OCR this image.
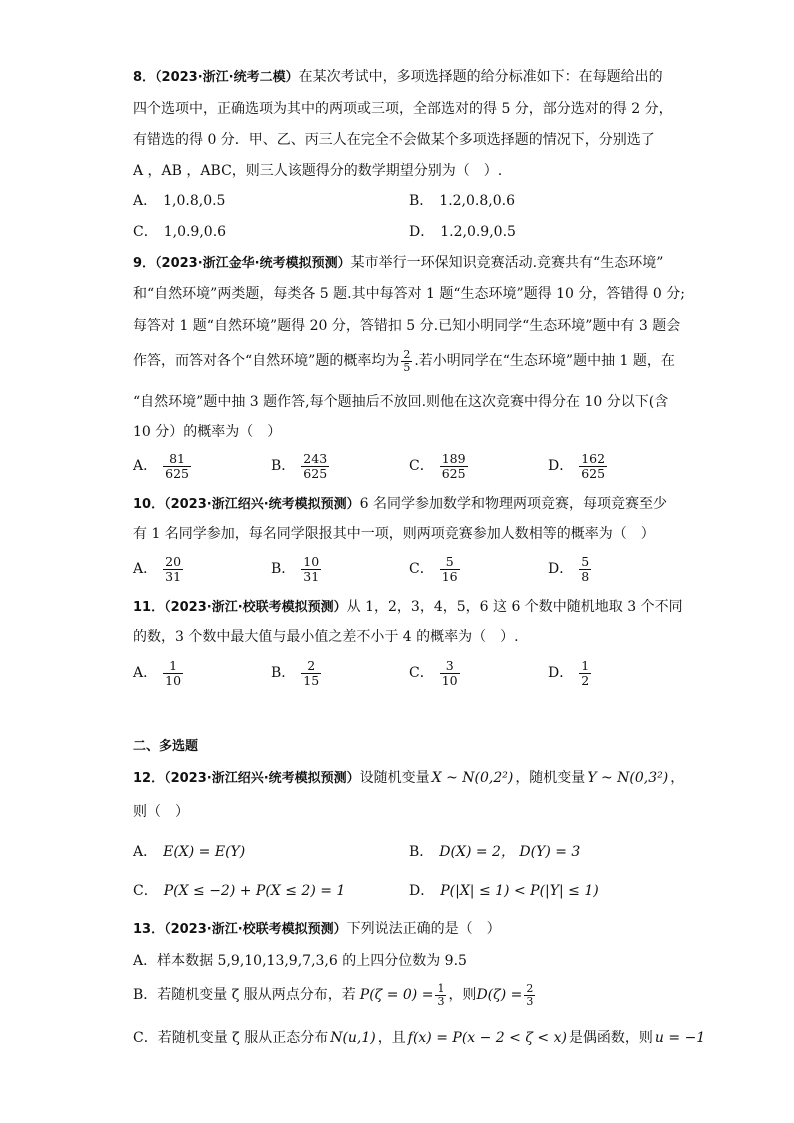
8．（2023·浙江·统考二模）在某次考试中，多项选择题的给分标准如下：在每题给出的
四个选项中，正确选项为其中的两项或三项，全部选对的得 5 分，部分选对的得 2 分，
有错选的得 0 分．甲、乙、丙三人在完全不会做某个多项选择题的情况下，分别选了
A ，AB ，ABC，则三人该题得分的数学期望分别为（　）.
A． 1,0.8,0.5	B． 1.2,0.8,0.6
C． 1,0.9,0.6	D． 1.2,0.9,0.5
9．（2023·浙江金华·统考模拟预测）某市举行一环保知识竞赛活动.竞赛共有“生态环境”
和“自然环境”两类题，每类各 5 题.其中每答对 1 题“生态环境”题得 10 分，答错得 0 分;
每答对 1 题“自然环境”题得 20 分，答错扣 5 分.已知小明同学“生态环境”题中有 3 题会
作答，而答对各个“自然环境”题的概率均为 $\frac{2}{5}$ .若小明同学在“生态环境”题中抽 1 题，在
“自然环境”题中抽 3 题作答,每个题抽后不放回.则他在这次竞赛中得分在 10 分以下(含
10 分）的概率为（　）
A． $\frac{81}{625}$	B． $\frac{243}{625}$	C． $\frac{189}{625}$	D． $\frac{162}{625}$
10．（2023·浙江绍兴·统考模拟预测）6 名同学参加数学和物理两项竞赛，每项竞赛至少
有 1 名同学参加，每名同学限报其中一项，则两项竞赛参加人数相等的概率为（　）
A． $\frac{20}{31}$	B． $\frac{10}{31}$	C． $\frac{5}{16}$	D． $\frac{5}{8}$
11．（2023·浙江·校联考模拟预测）从 1，2，3，4，5，6 这 6 个数中随机地取 3 个不同
的数，3 个数中最大值与最小值之差不小于 4 的概率为（　）.
A． $\frac{1}{10}$	B． $\frac{2}{15}$	C． $\frac{3}{10}$	D． $\frac{1}{2}$
二、多选题
12．（2023·浙江绍兴·统考模拟预测）设随机变量 X ~ N(0,2²) ，随机变量 Y ~ N(0,3²) ，
则（　）
A． E(X) = E(Y)	B． D(X) = 2， D(Y) = 3
C． P(X ≤ −2) + P(X ≤ 2) = 1	D． P(|X| ≤ 1) < P(|Y| ≤ 1)
13．（2023·浙江·校联考模拟预测）下列说法正确的是（　）
A．样本数据 5,9,10,13,9,7,3,6 的上四分位数为 9.5
B．若随机变量 ζ 服从两点分布，若 $P(\zeta = 0) = \frac{1}{3}$ ，则$D(\zeta) = \frac{2}{3}$
C．若随机变量 ζ 服从正态分布 N(u,1) ，且 f(x) = P(x − 2 < ζ < x) 是偶函数，则 u = −1
